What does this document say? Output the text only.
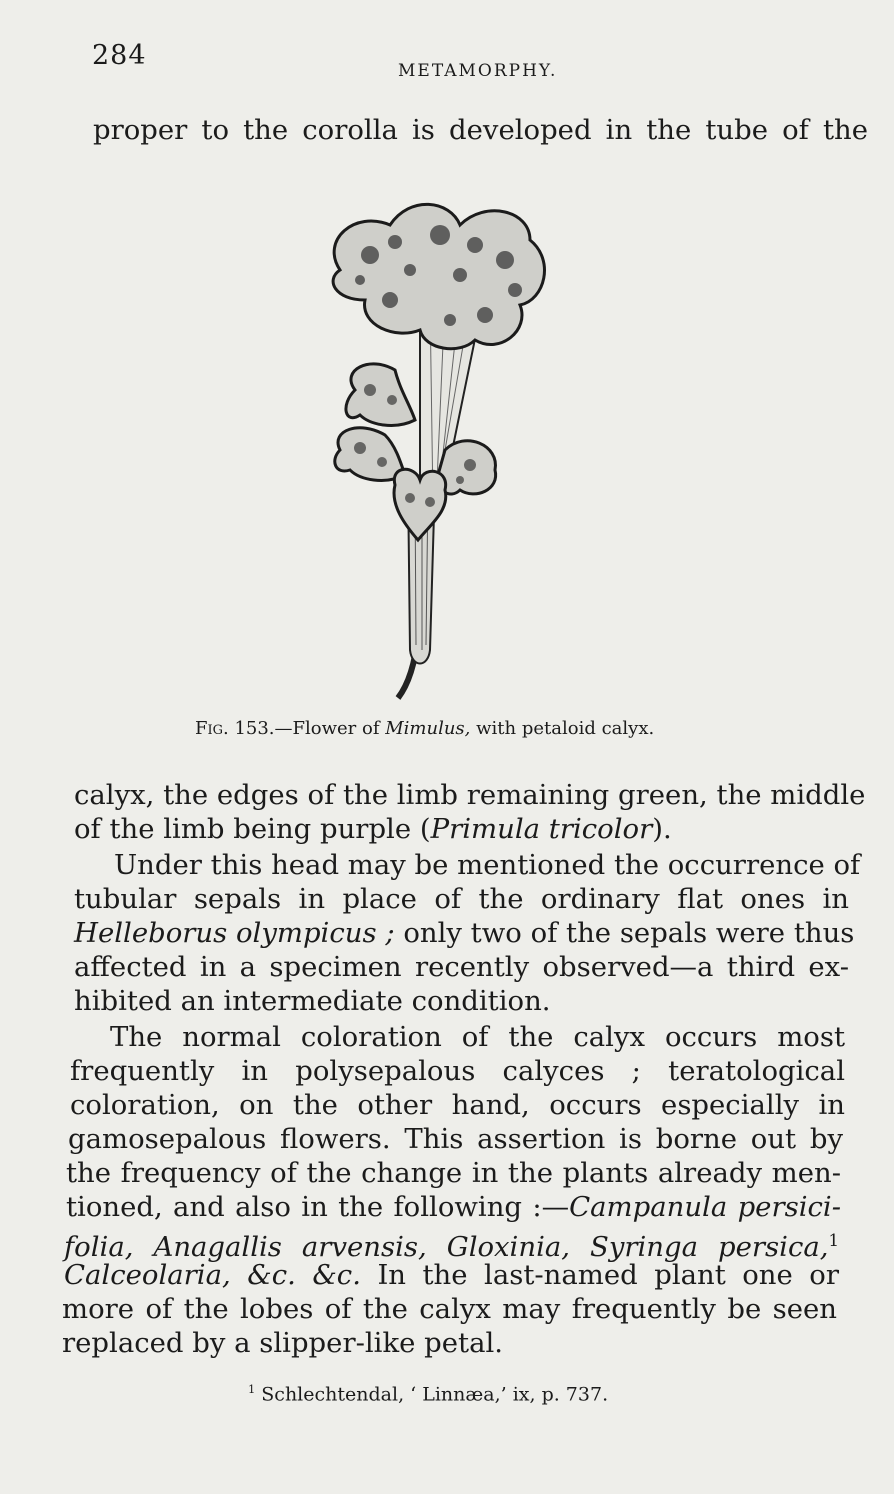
284	METAMORPHY.
proper to the corolla is developed in the tube of the
Fig. 153.—Flower of Mimulus, with petaloid calyx.
calyx, the edges of the limb remaining green, the middle
of the limb being purple (Primula tricolor).
Under this head may be mentioned the occurrence of
tubular sepals in place of the ordinary flat ones in
Helleborus olympicus ; only two of the sepals were thus
affected in a specimen recently observed—a third ex-
hibited an intermediate condition.
The normal coloration of the calyx occurs most
frequently in polysepalous calyces ; teratological
coloration, on the other hand, occurs especially in
gamosepalous flowers. This assertion is borne out by
the frequency of the change in the plants already men-
tioned, and also in the following :—Campanula persici-
folia, Anagallis arvensis, Gloxinia, Syringa persica,$^1$
Calceolaria, &c. &c. In the last-named plant one or
more of the lobes of the calyx may frequently be seen
replaced by a slipper-like petal.
$^1$ Schlechtendal, ‘ Linnæa,’ ix, p. 737.
